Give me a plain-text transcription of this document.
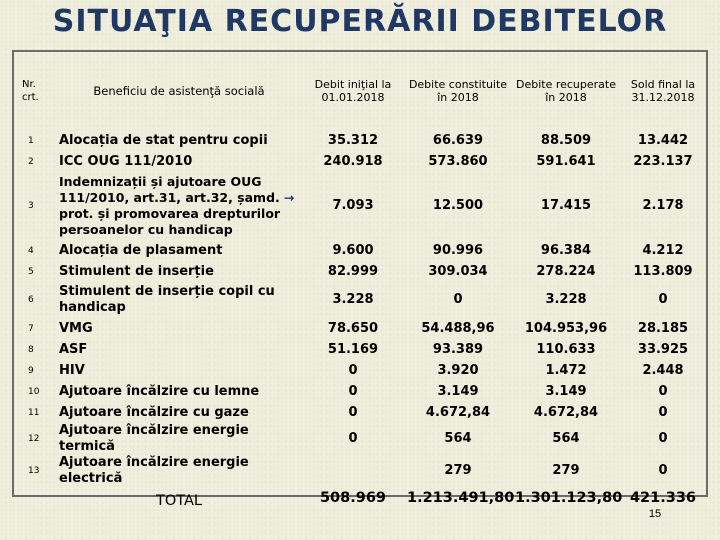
SITUAŢIA RECUPERĂRII DEBITELOR
Nr. crt.	Beneficiu de asistenţă socială	Debit iniţial la 01.01.2018	Debite constituite în 2018	Debite recuperate în 2018	Sold final la 31.12.2018
1	Alocația de stat pentru copii	35.312	66.639	88.509	13.442
2	ICC OUG 111/2010	240.918	573.860	591.641	223.137
3	Indemnizații și ajutoare OUG 111/2010, art.31, art.32, șamd. → prot. și promovarea drepturilor persoanelor cu handicap	7.093	12.500	17.415	2.178
4	Alocația de plasament	9.600	90.996	96.384	4.212
5	Stimulent de inserție	82.999	309.034	278.224	113.809
6	Stimulent de inserție copil cu handicap	3.228	0	3.228	0
7	VMG	78.650	54.488,96	104.953,96	28.185
8	ASF	51.169	93.389	110.633	33.925
9	HIV	0	3.920	1.472	2.448
10	Ajutoare încălzire cu lemne	0	3.149	3.149	0
11	Ajutoare încălzire cu gaze	0	4.672,84	4.672,84	0
12	Ajutoare încălzire energie termică	0	564	564	0
13	Ajutoare încălzire energie electrică		279	279	0
	TOTAL	508.969	1.213.491,80	1.301.123,80	421.336
15
